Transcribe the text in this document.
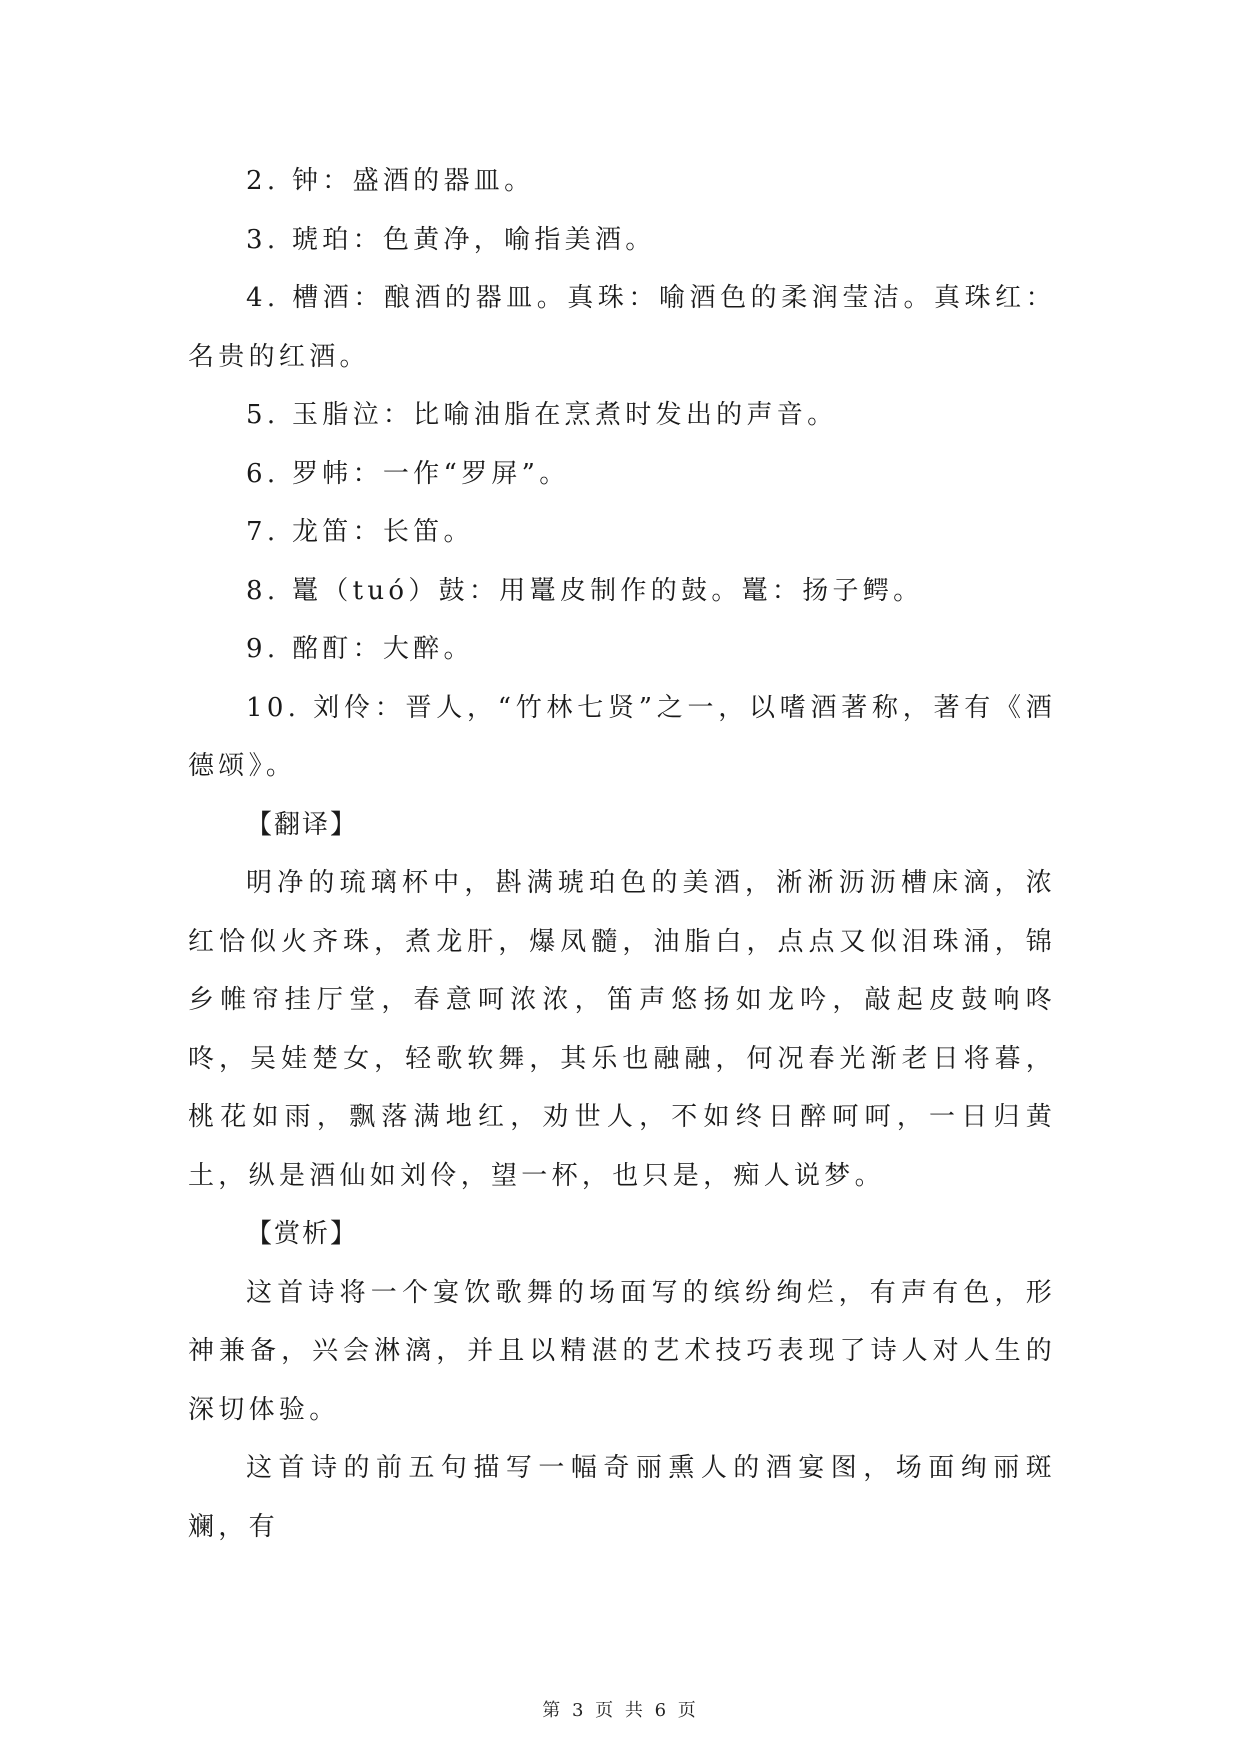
2. 钟：盛酒的器皿。

3. 琥珀：色黄净，喻指美酒。

4. 槽酒：酿酒的器皿。真珠：喻酒色的柔润莹洁。真珠红：名贵的红酒。

5. 玉脂泣：比喻油脂在烹煮时发出的声音。

6. 罗帏：一作“罗屏”。

7. 龙笛：长笛。

8. 鼍（tuó）鼓：用鼍皮制作的鼓。鼍：扬子鳄。

9. 酩酊：大醉。

10. 刘伶：晋人，“竹林七贤”之一，以嗜酒著称，著有《酒德颂》。

【翻译】

明净的琉璃杯中，斟满琥珀色的美酒，淅淅沥沥槽床滴，浓红恰似火齐珠，煮龙肝，爆凤髓，油脂白，点点又似泪珠涌，锦乡帷帘挂厅堂，春意呵浓浓，笛声悠扬如龙吟，敲起皮鼓响咚咚，吴娃楚女，轻歌软舞，其乐也融融，何况春光渐老日将暮，桃花如雨，飘落满地红，劝世人，不如终日醉呵呵，一日归黄土，纵是酒仙如刘伶，望一杯，也只是，痴人说梦。

【赏析】

这首诗将一个宴饮歌舞的场面写的缤纷绚烂，有声有色，形神兼备，兴会淋漓，并且以精湛的艺术技巧表现了诗人对人生的深切体验。

这首诗的前五句描写一幅奇丽熏人的酒宴图，场面绚丽斑斓，有

第 3 页 共 6 页
